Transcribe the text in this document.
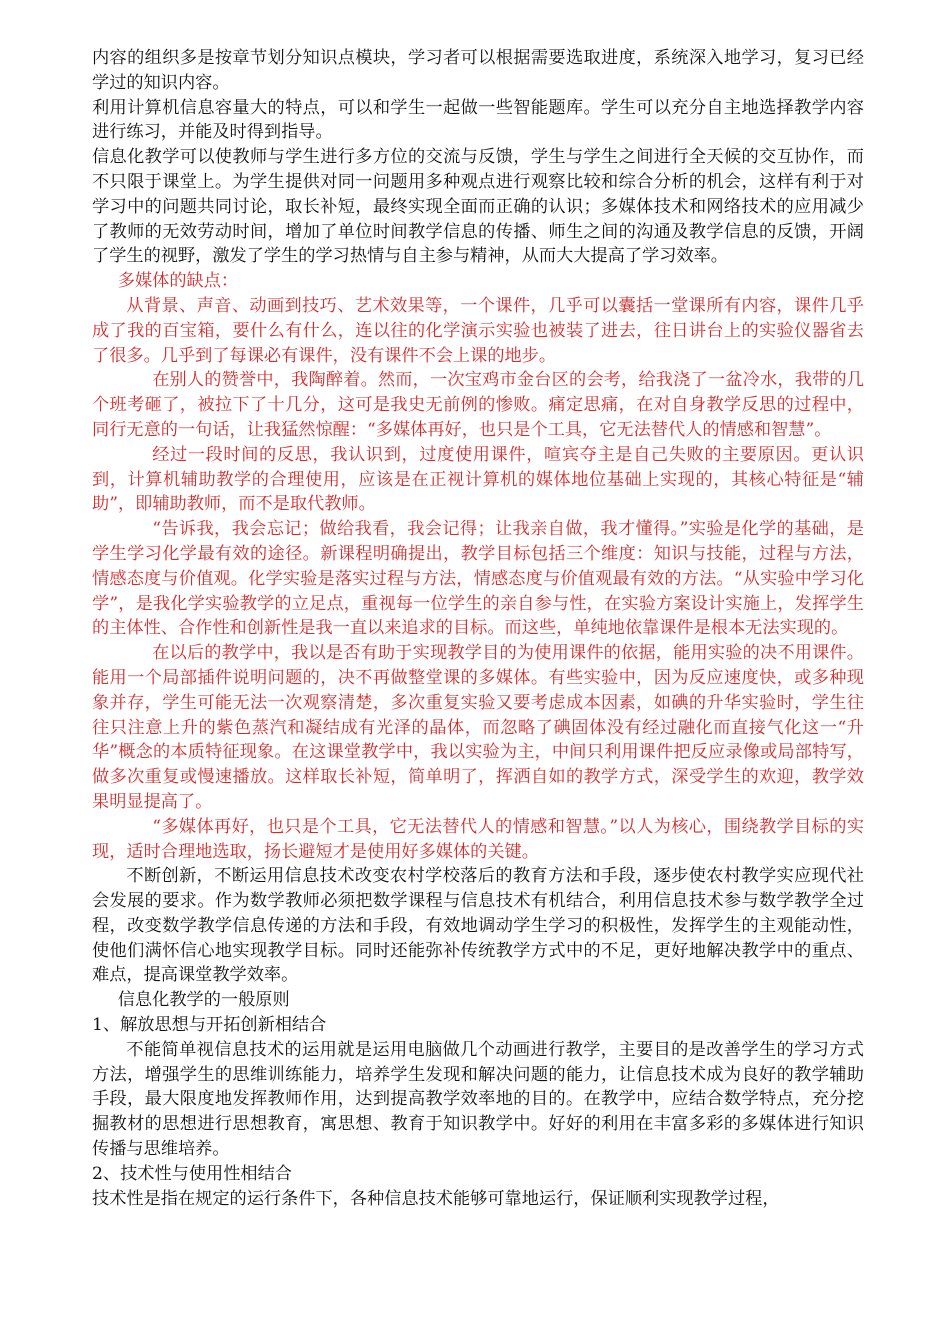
内容的组织多是按章节划分知识点模块，学习者可以根据需要选取进度，系统深入地学习，复习已经学过的知识内容。

利用计算机信息容量大的特点，可以和学生一起做一些智能题库。学生可以充分自主地选择教学内容进行练习，并能及时得到指导。

信息化教学可以使教师与学生进行多方位的交流与反馈，学生与学生之间进行全天候的交互协作，而不只限于课堂上。为学生提供对同一问题用多种观点进行观察比较和综合分析的机会，这样有利于对学习中的问题共同讨论，取长补短，最终实现全面而正确的认识；多媒体技术和网络技术的应用减少了教师的无效劳动时间，增加了单位时间教学信息的传播、师生之间的沟通及教学信息的反馈，开阔了学生的视野，激发了学生的学习热情与自主参与精神，从而大大提高了学习效率。

多媒体的缺点：

从背景、声音、动画到技巧、艺术效果等，一个课件，几乎可以囊括一堂课所有内容，课件几乎成了我的百宝箱，要什么有什么，连以往的化学演示实验也被装了进去，往日讲台上的实验仪器省去了很多。几乎到了每课必有课件，没有课件不会上课的地步。

在别人的赞誉中，我陶醉着。然而，一次宝鸡市金台区的会考，给我浇了一盆冷水，我带的几个班考砸了，被拉下了十几分，这可是我史无前例的惨败。痛定思痛，在对自身教学反思的过程中，同行无意的一句话，让我猛然惊醒：“多媒体再好，也只是个工具，它无法替代人的情感和智慧”。

经过一段时间的反思，我认识到，过度使用课件，喧宾夺主是自己失败的主要原因。更认识到，计算机辅助教学的合理使用，应该是在正视计算机的媒体地位基础上实现的，其核心特征是“辅助”，即辅助教师，而不是取代教师。

“告诉我，我会忘记；做给我看，我会记得；让我亲自做，我才懂得。”实验是化学的基础，是学生学习化学最有效的途径。新课程明确提出，教学目标包括三个维度：知识与技能，过程与方法，情感态度与价值观。化学实验是落实过程与方法，情感态度与价值观最有效的方法。“从实验中学习化学”，是我化学实验教学的立足点，重视每一位学生的亲自参与性，在实验方案设计实施上，发挥学生的主体性、合作性和创新性是我一直以来追求的目标。而这些，单纯地依靠课件是根本无法实现的。

在以后的教学中，我以是否有助于实现教学目的为使用课件的依据，能用实验的决不用课件。能用一个局部插件说明问题的，决不再做整堂课的多媒体。有些实验中，因为反应速度快，或多种现象并存，学生可能无法一次观察清楚，多次重复实验又要考虑成本因素，如碘的升华实验时，学生往往只注意上升的紫色蒸汽和凝结成有光泽的晶体，而忽略了碘固体没有经过融化而直接气化这一“升华”概念的本质特征现象。在这课堂教学中，我以实验为主，中间只利用课件把反应录像或局部特写，做多次重复或慢速播放。这样取长补短，简单明了，挥洒自如的教学方式，深受学生的欢迎，教学效果明显提高了。

“多媒体再好，也只是个工具，它无法替代人的情感和智慧。”以人为核心，围绕教学目标的实现，适时合理地选取，扬长避短才是使用好多媒体的关键。

不断创新，不断运用信息技术改变农村学校落后的教育方法和手段，逐步使农村教学实应现代社会发展的要求。作为数学教师必须把数学课程与信息技术有机结合，利用信息技术参与数学教学全过程，改变数学教学信息传递的方法和手段，有效地调动学生学习的积极性，发挥学生的主观能动性，使他们满怀信心地实现教学目标。同时还能弥补传统教学方式中的不足，更好地解决教学中的重点、难点，提高课堂教学效率。

信息化教学的一般原则

1、解放思想与开拓创新相结合

不能简单视信息技术的运用就是运用电脑做几个动画进行教学，主要目的是改善学生的学习方式方法，增强学生的思维训练能力，培养学生发现和解决问题的能力，让信息技术成为良好的教学辅助手段，最大限度地发挥教师作用，达到提高教学效率地的目的。在教学中，应结合数学特点，充分挖掘教材的思想进行思想教育，寓思想、教育于知识教学中。好好的利用在丰富多彩的多媒体进行知识传播与思维培养。

2、技术性与使用性相结合

技术性是指在规定的运行条件下，各种信息技术能够可靠地运行，保证顺利实现教学过程，
